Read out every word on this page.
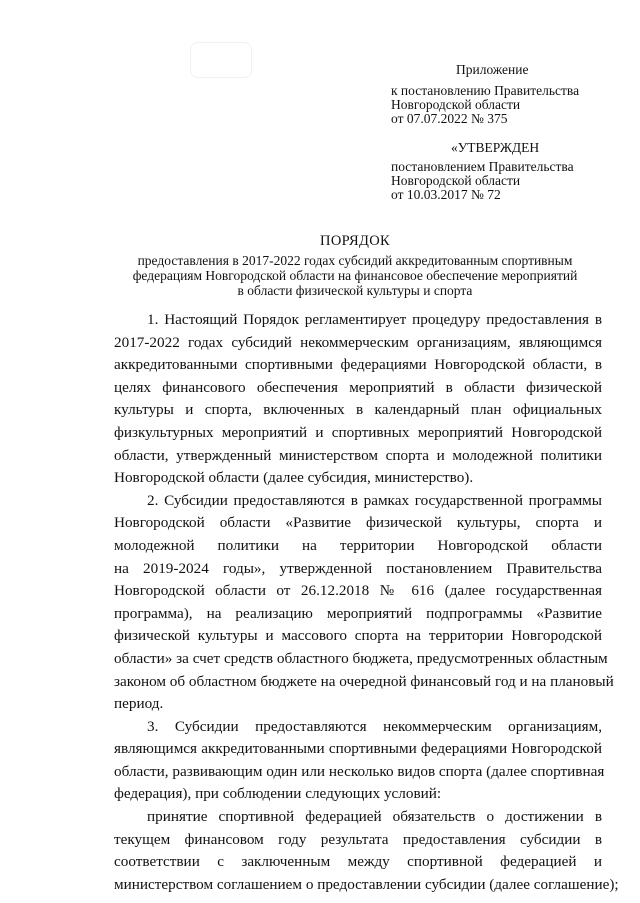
Приложение
к постановлению Правительства
Новгородской области
от 07.07.2022 № 375
«УТВЕРЖДЕН
постановлением Правительства
Новгородской области
от 10.03.2017 № 72
ПОРЯДОК
предоставления в 2017-2022 годах субсидий аккредитованным спортивным
федерациям Новгородской области на финансовое обеспечение мероприятий
в области физической культуры и спорта
1. Настоящий Порядок регламентирует процедуру предоставления в
2017-2022 годах субсидий некоммерческим организациям, являющимся
аккредитованными спортивными федерациями Новгородской области, в
целях финансового обеспечения мероприятий в области физической
культуры и спорта, включенных в календарный план официальных
физкультурных мероприятий и спортивных мероприятий Новгородской
области, утвержденный министерством спорта и молодежной политики
Новгородской области (далее субсидия, министерство).
2. Субсидии предоставляются в рамках государственной программы
Новгородской области «Развитие физической культуры, спорта и
молодежной политики на территории Новгородской области
на 2019-2024 годы», утвержденной постановлением Правительства
Новгородской области от 26.12.2018 № 616 (далее государственная
программа), на реализацию мероприятий подпрограммы «Развитие
физической культуры и массового спорта на территории Новгородской
области» за счет средств областного бюджета, предусмотренных областным
законом об областном бюджете на очередной финансовый год и на плановый
период.
3. Субсидии предоставляются некоммерческим организациям,
являющимся аккредитованными спортивными федерациями Новгородской
области, развивающим один или несколько видов спорта (далее спортивная
федерация), при соблюдении следующих условий:
принятие спортивной федерацией обязательств о достижении в
текущем финансовом году результата предоставления субсидии в
соответствии с заключенным между спортивной федерацией и
министерством соглашением о предоставлении субсидии (далее соглашение);
